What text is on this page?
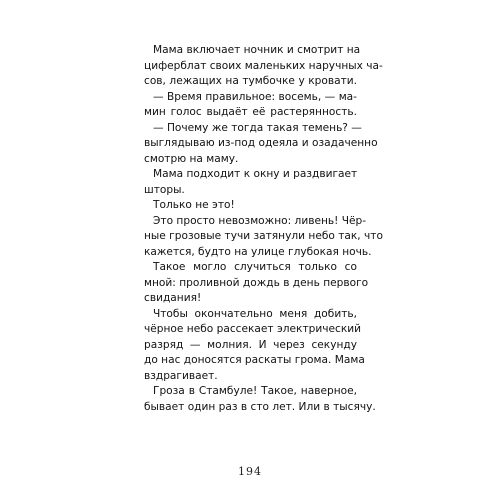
Мама включает ночник и смотрит на
циферблат своих маленьких наручных ча-
сов, лежащих на тумбочке у кровати.

— Время правильное: восемь, — ма-
мин голос выдаёт её растерянность.

— Почему же тогда такая темень? —
выглядываю из-под одеяла и озадаченно
смотрю на маму.

Мама подходит к окну и раздвигает
шторы.

Только не это!

Это просто невозможно: ливень! Чёр-
ные грозовые тучи затянули небо так, что
кажется, будто на улице глубокая ночь.

Такое могло случиться только со
мной: проливной дождь в день первого
свидания!

Чтобы окончательно меня добить,
чёрное небо рассекает электрический
разряд — молния. И через секунду
до нас доносятся раскаты грома. Мама
вздрагивает.

Гроза в Стамбуле! Такое, наверное,
бывает один раз в сто лет. Или в тысячу.

194
